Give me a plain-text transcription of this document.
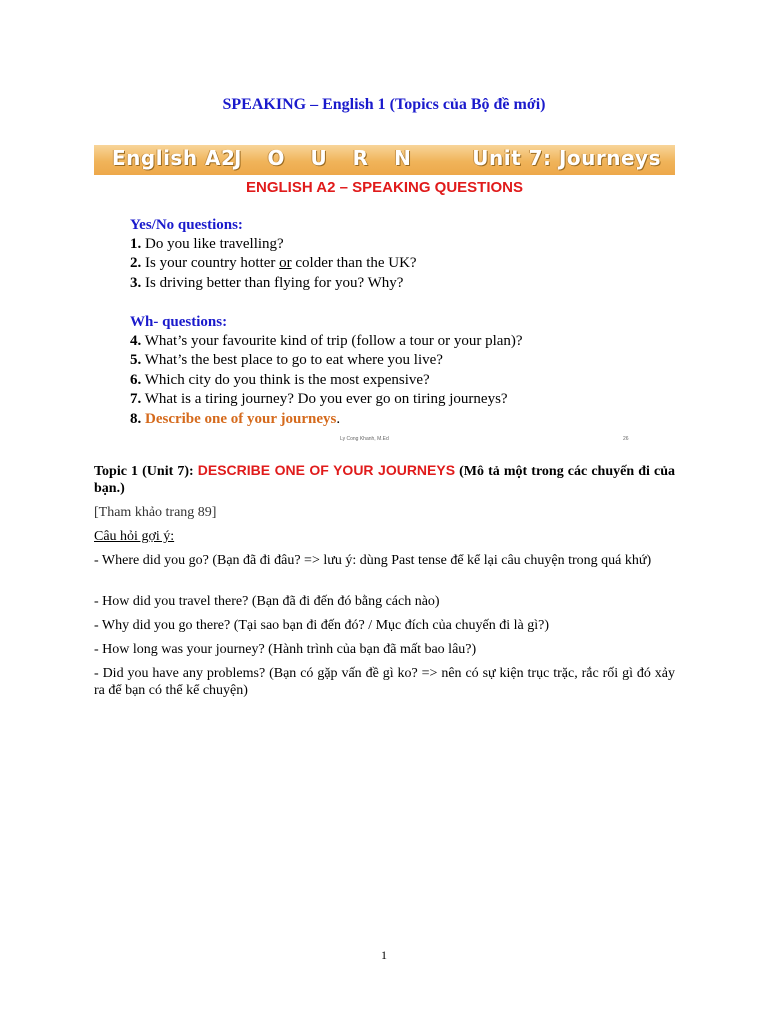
SPEAKING – English 1 (Topics của Bộ đề mới)
English A2
JOURN Unit 7: Journeys
ENGLISH A2 – SPEAKING QUESTIONS
Yes/No questions:
1. Do you like travelling?
2. Is your country hotter or colder than the UK?
3. Is driving better than flying for you? Why?
Wh- questions:
4. What’s your favourite kind of trip (follow a tour or your plan)?
5. What’s the best place to go to eat where you live?
6. Which city do you think is the most expensive?
7. What is a tiring journey? Do you ever go on tiring journeys?
8. Describe one of your journeys.
Ly Cong Khanh, M.Ed	26
Topic 1 (Unit 7): DESCRIBE ONE OF YOUR JOURNEYS (Mô tả một trong các chuyến đi của bạn.)
[Tham khảo trang 89]
Câu hỏi gợi ý:

- Where did you go? (Bạn đã đi đâu? => lưu ý: dùng Past tense để kể lại câu chuyện trong quá khứ)

- How did you travel there? (Bạn đã đi đến đó bằng cách nào)

- Why did you go there? (Tại sao bạn đi đến đó? / Mục đích của chuyến đi là gì?)

- How long was your journey? (Hành trình của bạn đã mất bao lâu?)

- Did you have any problems? (Bạn có gặp vấn đề gì ko? => nên có sự kiện trục trặc, rắc rối gì đó xảy ra để bạn có thể kể chuyện)

1
